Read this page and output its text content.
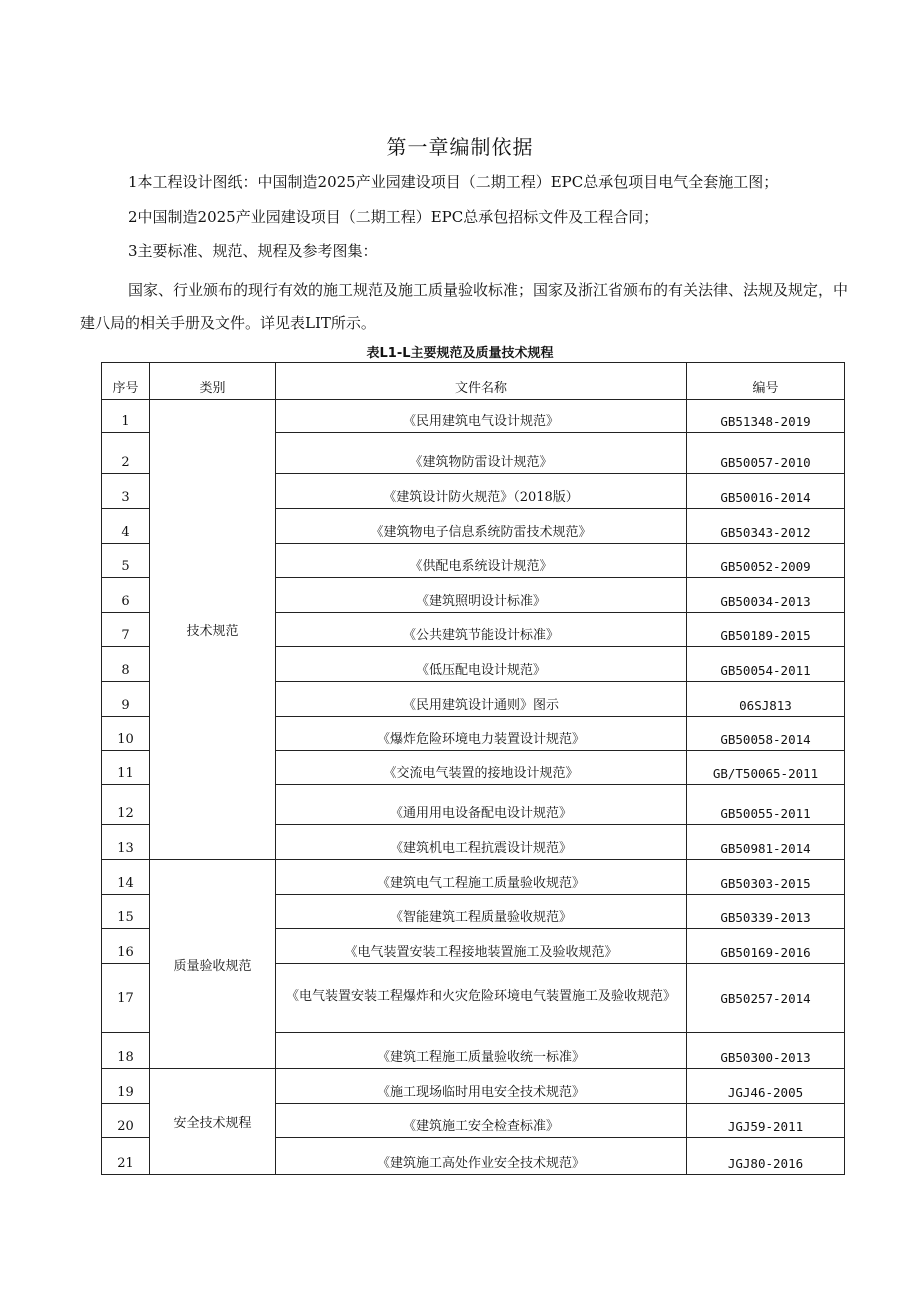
第一章编制依据
1本工程设计图纸：中国制造2025产业园建设项目（二期工程）EPC总承包项目电气全套施工图；
2中国制造2025产业园建设项目（二期工程）EPC总承包招标文件及工程合同；
3主要标准、规范、规程及参考图集：
国家、行业颁布的现行有效的施工规范及施工质量验收标准；国家及浙江省颁布的有关法律、法规及规定，中建八局的相关手册及文件。详见表LIT所示。
表L1-L主要规范及质量技术规程
序号	类别	文件名称	编号
1	技术规范	《民用建筑电气设计规范》	GB51348-2019
2		《建筑物防雷设计规范》	GB50057-2010
3		《建筑设计防火规范》（2018版）	GB50016-2014
4		《建筑物电子信息系统防雷技术规范》	GB50343-2012
5		《供配电系统设计规范》	GB50052-2009
6		《建筑照明设计标准》	GB50034-2013
7		《公共建筑节能设计标准》	GB50189-2015
8		《低压配电设计规范》	GB50054-2011
9		《民用建筑设计通则》图示	06SJ813
10		《爆炸危险环境电力装置设计规范》	GB50058-2014
11		《交流电气装置的接地设计规范》	GB/T50065-2011
12		《通用用电设备配电设计规范》	GB50055-2011
13		《建筑机电工程抗震设计规范》	GB50981-2014
14	质量验收规范	《建筑电气工程施工质量验收规范》	GB50303-2015
15		《智能建筑工程质量验收规范》	GB50339-2013
16		《电气装置安装工程接地装置施工及验收规范》	GB50169-2016
17		《电气装置安装工程爆炸和火灾危险环境电气装置施工及验收规范》	GB50257-2014
18		《建筑工程施工质量验收统一标准》	GB50300-2013
19	安全技术规程	《施工现场临时用电安全技术规范》	JGJ46-2005
20		《建筑施工安全检查标准》	JGJ59-2011
21		《建筑施工高处作业安全技术规范》	JGJ80-2016
